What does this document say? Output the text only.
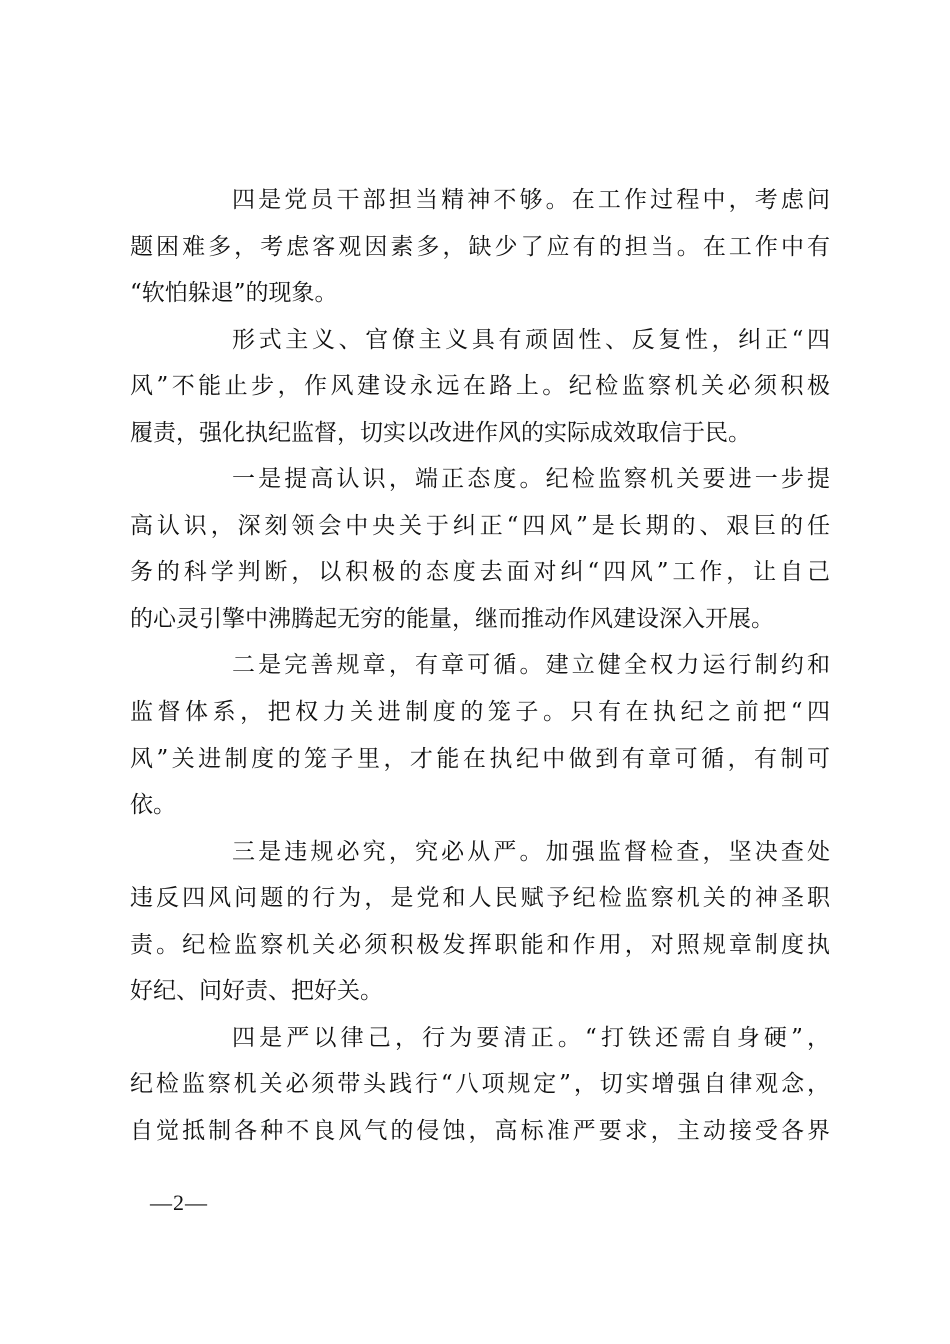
四是党员干部担当精神不够。在工作过程中，考虑问
题困难多，考虑客观因素多，缺少了应有的担当。在工作中有
“软怕躲退”的现象。
形式主义、官僚主义具有顽固性、反复性，纠正“四
风”不能止步，作风建设永远在路上。纪检监察机关必须积极
履责，强化执纪监督，切实以改进作风的实际成效取信于民。
一是提高认识，端正态度。纪检监察机关要进一步提
高认识，深刻领会中央关于纠正“四风”是长期的、艰巨的任
务的科学判断，以积极的态度去面对纠“四风”工作，让自己
的心灵引擎中沸腾起无穷的能量，继而推动作风建设深入开展。
二是完善规章，有章可循。建立健全权力运行制约和
监督体系，把权力关进制度的笼子。只有在执纪之前把“四
风”关进制度的笼子里，才能在执纪中做到有章可循，有制可
依。
三是违规必究，究必从严。加强监督检查，坚决查处
违反四风问题的行为，是党和人民赋予纪检监察机关的神圣职
责。纪检监察机关必须积极发挥职能和作用，对照规章制度执
好纪、问好责、把好关。
四是严以律己，行为要清正。“打铁还需自身硬”，
纪检监察机关必须带头践行“八项规定”，切实增强自律观念，
自觉抵制各种不良风气的侵蚀，高标准严要求，主动接受各界
—2—
